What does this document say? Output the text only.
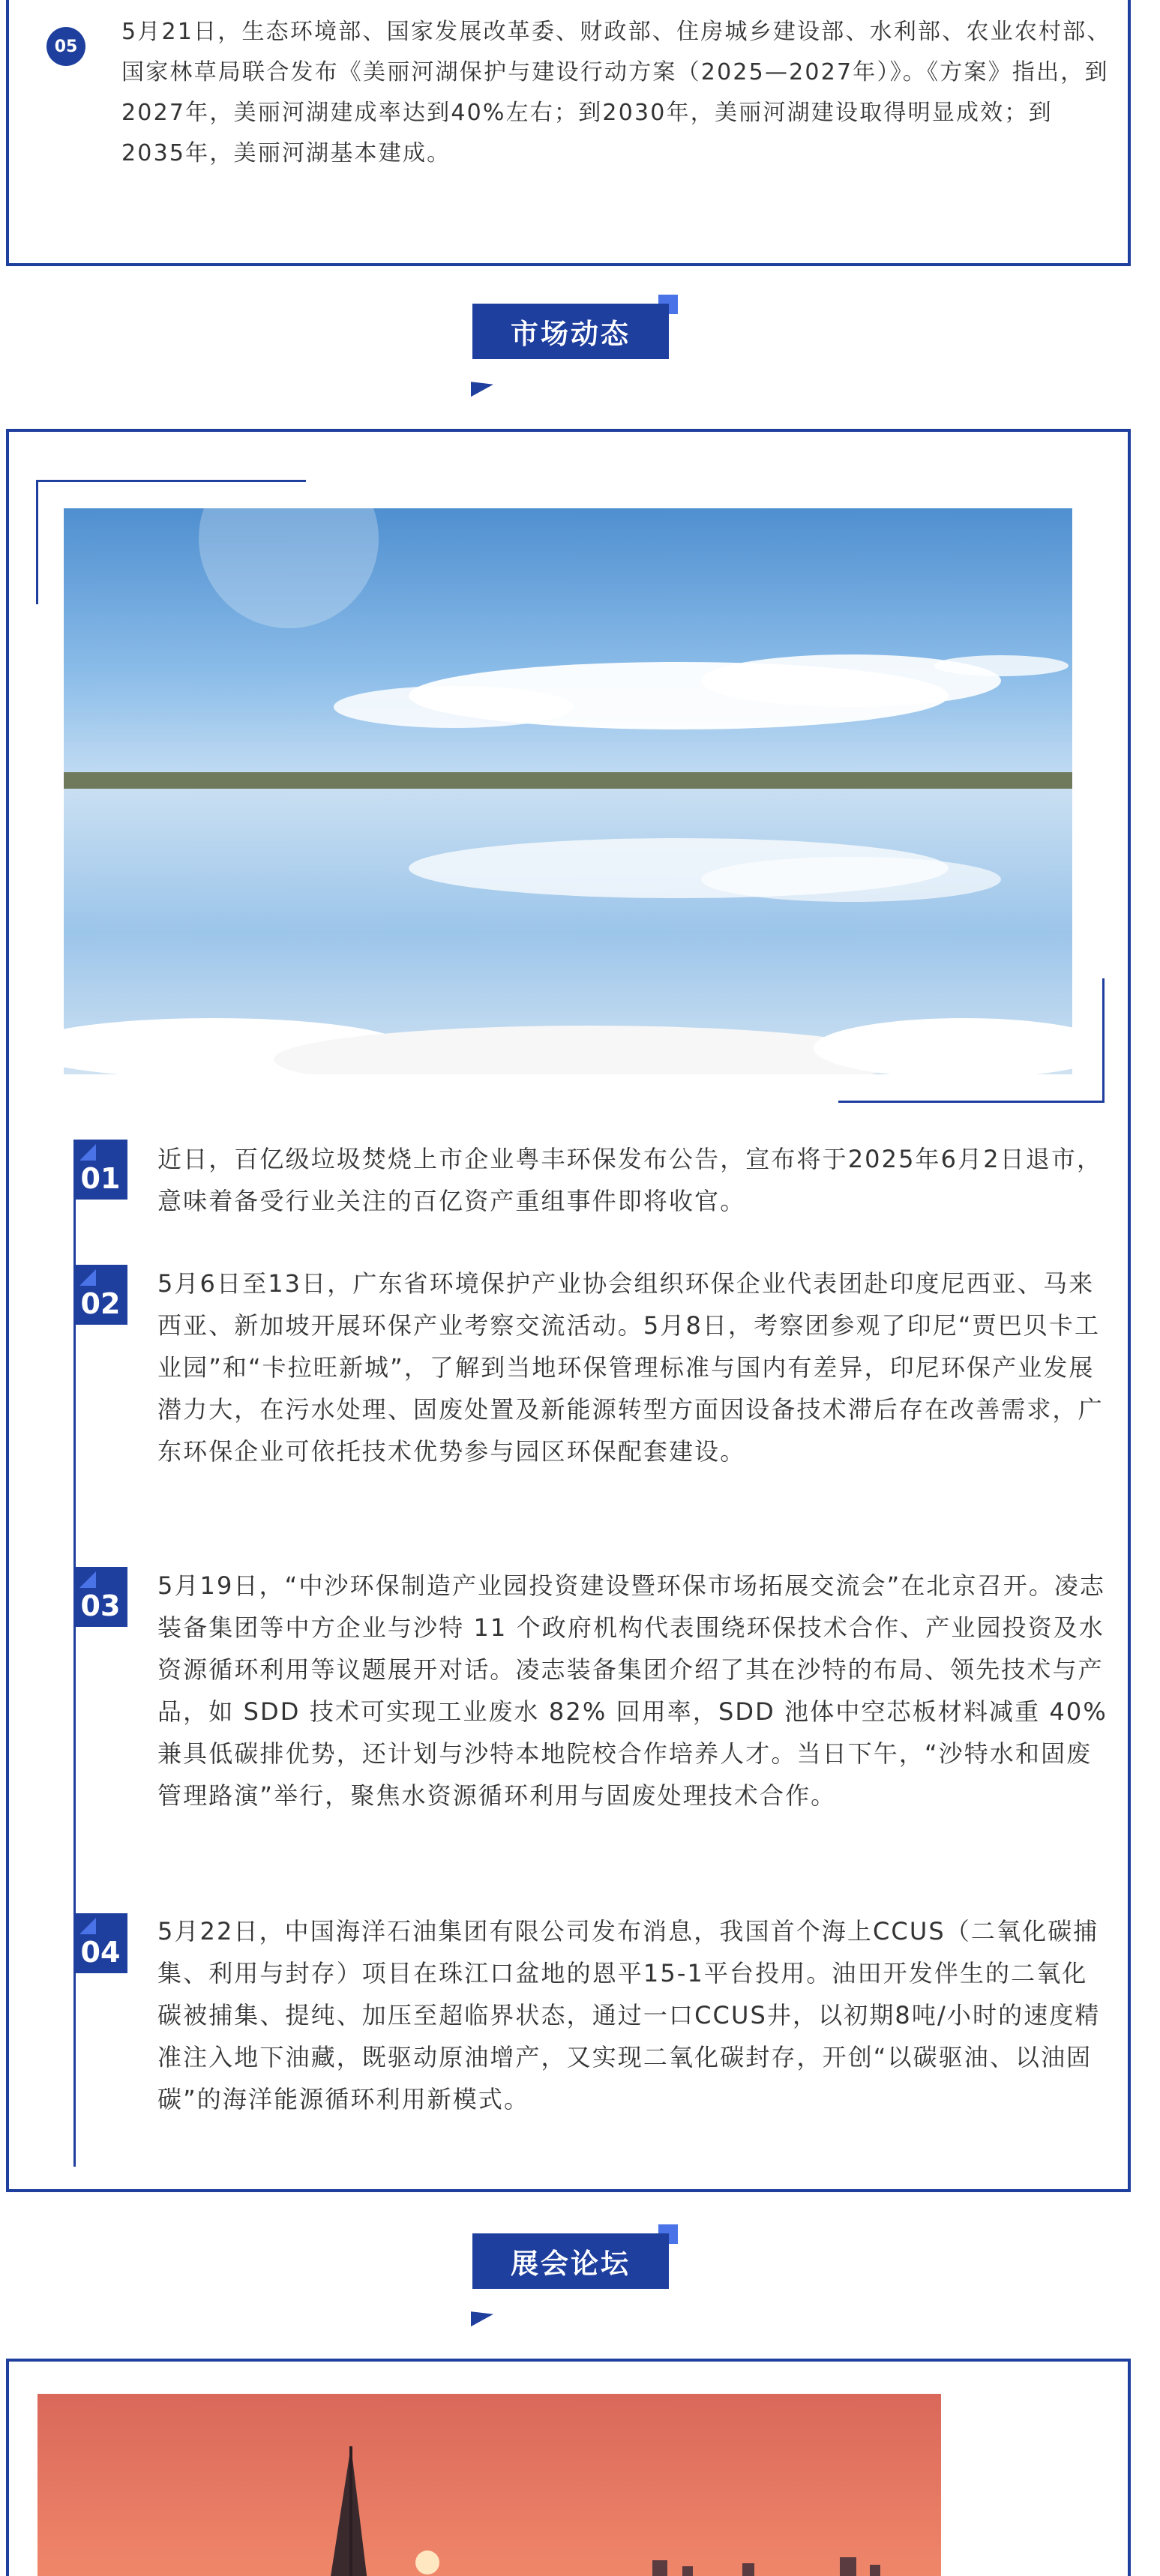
05

5月21日，生态环境部、国家发展改革委、财政部、住房城乡建设部、水利部、农业农村部、国家林草局联合发布《美丽河湖保护与建设行动方案（2025—2027年）》。《方案》指出，到2027年，美丽河湖建成率达到40%左右；到2030年，美丽河湖建设取得明显成效；到2035年，美丽河湖基本建成。

市场动态
01

近日，百亿级垃圾焚烧上市企业粤丰环保发布公告，宣布将于2025年6月2日退市，意味着备受行业关注的百亿资产重组事件即将收官。

02

5月6日至13日，广东省环境保护产业协会组织环保企业代表团赴印度尼西亚、马来西亚、新加坡开展环保产业考察交流活动。5月8日，考察团参观了印尼“贾巴贝卡工业园”和“卡拉旺新城”，了解到当地环保管理标准与国内有差异，印尼环保产业发展潜力大，在污水处理、固废处置及新能源转型方面因设备技术滞后存在改善需求，广东环保企业可依托技术优势参与园区环保配套建设。

03

5月19日，“中沙环保制造产业园投资建设暨环保市场拓展交流会”在北京召开。凌志装备集团等中方企业与沙特 11 个政府机构代表围绕环保技术合作、产业园投资及水资源循环利用等议题展开对话。凌志装备集团介绍了其在沙特的布局、领先技术与产品，如 SDD 技术可实现工业废水 82% 回用率，SDD 池体中空芯板材料减重 40% 兼具低碳排优势，还计划与沙特本地院校合作培养人才。当日下午，“沙特水和固废管理路演”举行，聚焦水资源循环利用与固废处理技术合作。

04

5月22日，中国海洋石油集团有限公司发布消息，我国首个海上CCUS（二氧化碳捕集、利用与封存）项目在珠江口盆地的恩平15-1平台投用。油田开发伴生的二氧化碳被捕集、提纯、加压至超临界状态，通过一口CCUS井，以初期8吨/小时的速度精准注入地下油藏，既驱动原油增产，又实现二氧化碳封存，开创“以碳驱油、以油固碳”的海洋能源循环利用新模式。

展会论坛
